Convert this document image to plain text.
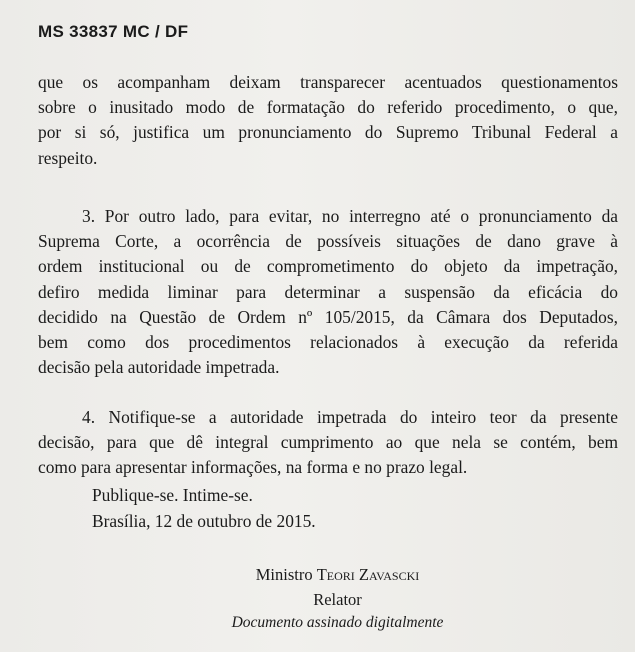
MS 33837 MC / DF
que os acompanham deixam transparecer acentuados questionamentos
sobre o inusitado modo de formatação do referido procedimento, o que,
por si só, justifica um pronunciamento do Supremo Tribunal Federal a
respeito.
3. Por outro lado, para evitar, no interregno até o pronunciamento da
Suprema Corte, a ocorrência de possíveis situações de dano grave à
ordem institucional ou de comprometimento do objeto da impetração,
defiro medida liminar para determinar a suspensão da eficácia do
decidido na Questão de Ordem nº 105/2015, da Câmara dos Deputados,
bem como dos procedimentos relacionados à execução da referida
decisão pela autoridade impetrada.
4. Notifique-se a autoridade impetrada do inteiro teor da presente
decisão, para que dê integral cumprimento ao que nela se contém, bem
como para apresentar informações, na forma e no prazo legal.
Publique-se. Intime-se.
Brasília, 12 de outubro de 2015.
Ministro Teori Zavascki
Relator
Documento assinado digitalmente
